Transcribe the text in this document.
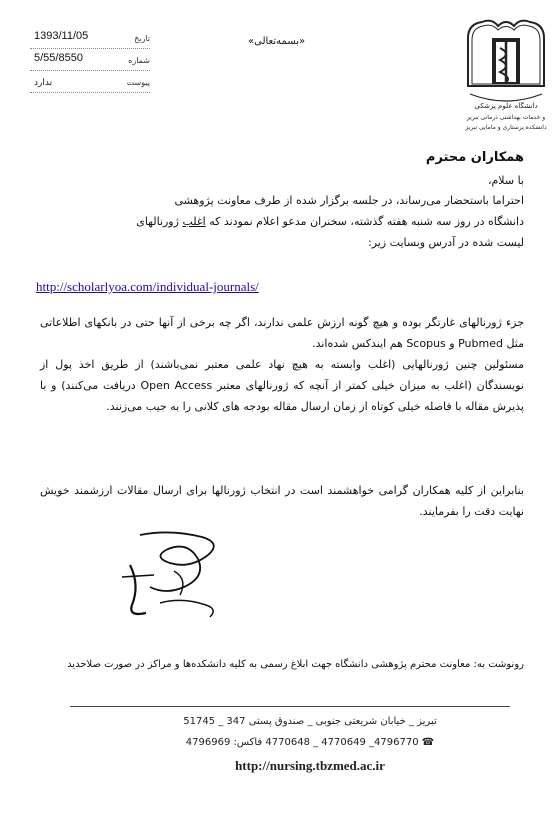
1393/11/05	تاریخ
5/55/8550	شماره
ندارد	پیوست
«بسمه‌تعالی»
دانشگاه علوم پزشکی
و خدمات بهداشتی درمانی تبریز
دانشکده پرستاری و مامایی تبریز
همکاران محترم
با سلام،
احتراما باستحضار می‌رساند، در جلسه برگزار شده از طرف معاونت پژوهشی
دانشگاه در روز سه شنبه هفته گذشته، سخنران مدعو اعلام نمودند که اغلب ژورنالهای
لیست شده در آدرس وبسایت زیر:
http://scholarlyoa.com/individual-journals/
جزء ژورنالهای غارتگر بوده و هیچ گونه ارزش علمی ندارند، اگر چه برخی از آنها حتی در بانکهای اطلاعاتی مثل Pubmed و Scopus هم ایندکس شده‌اند.
مسئولین چنین ژورنالهایی (اغلب وابسته به هیچ نهاد علمی معتبر نمی‌باشند) از طریق اخذ پول از نویسندگان (اغلب به میزان خیلی کمتر از آنچه که ژورنالهای معتبر Open Access دریافت می‌کنند) و با پذیرش مقاله با فاصله خیلی کوتاه از زمان ارسال مقاله بودجه های کلانی را به جیب می‌زنند.
بنابراین از کلیه همکاران گرامی خواهشمند است در انتخاب ژورنالها برای ارسال مقالات ارزشمند خویش نهایت دقت را بفرمایند.
رونوشت به: معاونت محترم پژوهشی دانشگاه جهت ابلاغ رسمی به کلیه دانشکده‌ها و مراکز در صورت صلاحدید
تبریز _ خیابان شریعتی جنوبی _ صندوق پستی 347 _ 51745
☎ 4796770_ 4770649 _ 4770648 فاکس: 4796969
http://nursing.tbzmed.ac.ir
